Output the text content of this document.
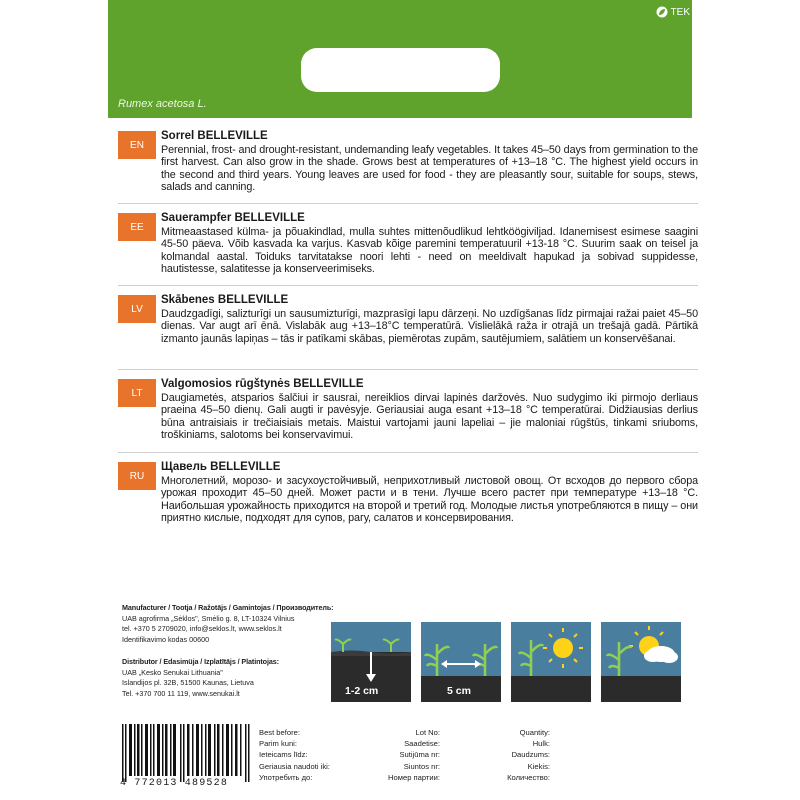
TEK
Rumex acetosa L.
EN
Sorrel BELLEVILLE
Perennial, frost- and drought-resistant, undemanding leafy vegetables. It takes 45–50 days from germination to the first harvest. Can also grow in the shade. Grows best at temperatures of +13–18 °C. The highest yield occurs in the second and third years. Young leaves are used for food - they are pleasantly sour, suitable for soups, stews, salads and canning.
EE
Sauerampfer BELLEVILLE
Mitmeaastased külma- ja põuakindlad, mulla suhtes mittenõudlikud lehtköögiviljad. Idanemisest esimese saagini 45-50 päeva. Võib kasvada ka varjus. Kasvab kõige paremini temperatuuril +13-18 °C. Suurim saak on teisel ja kolmandal aastal. Toiduks tarvitatakse noori lehti - need on meeldivalt hapukad ja sobivad suppidesse, hautistesse, salatitesse ja konserveerimiseks.
LV
Skābenes BELLEVILLE
Daudzgadīgi, salizturīgi un sausumizturīgi, mazprasīgi lapu dārzeņi. No uzdīgšanas līdz pirmajai ražai paiet 45–50 dienas. Var augt arī ēnā. Vislabāk aug +13–18°C temperatūrā. Vislielākā raža ir otrajā un trešajā gadā. Pārtikā izmanto jaunās lapiņas – tās ir patīkami skābas, piemērotas zupām, sautējumiem, salātiem un konservēšanai.
LT
Valgomosios rūgštynės BELLEVILLE
Daugiametės, atsparios šalčiui ir sausrai, nereiklios dirvai lapinės daržovės. Nuo sudygimo iki pirmojo derliaus praeina 45–50 dienų. Gali augti ir pavėsyje. Geriausiai auga esant +13–18 °C temperatūrai. Didžiausias derlius būna antraisiais ir trečiaisiais metais. Maistui vartojami jauni lapeliai – jie malonіai rūgštūs, tinkami sriuboms, troškiniams, salotoms bei konservavimui.
RU
Щавель BELLEVILLE
Многолетний, морозо- и засухоустойчивый, неприхотливый листовой овощ. От всходов до первого сбора урожая проходит 45–50 дней. Может расти и в тени. Лучше всего растет при температуре +13–18 °C. Наибольшая урожайность приходится на второй и третий год. Молодые листья употребляются в пищу – они приятно кислые, подходят для супов, рагу, салатов и консервирования.
Manufacturer / Tootja / Ražotājs / Gamintojas / Производитель:
UAB agrofirma „Sėklos", Smėlio g. 8, LT-10324 Vilnius
tel. +370 5 2709020, info@seklos.lt, www.seklos.lt
Identifikavimo kodas 00600
Distributor / Edasimüja / Izplatītājs / Platintojas:
UAB „Kesko Senukai Lithuania"
Islandijos pl. 32B, 51500 Kaunas, Lietuva
Tel. +370 700 11 119, www.senukai.lt	1-2 cm	5 cm
4 772013 489528
Best before:
Parim kuni:
Ieteicams līdz:
Geriausia naudoti iki:
Употребить до:
Lot No:
Saadetise:
Sutijūma nr:
Siuntos nr:
Номер партии:
Quantity:
Hulk:
Daudzums:
Kiekis:
Количество:
